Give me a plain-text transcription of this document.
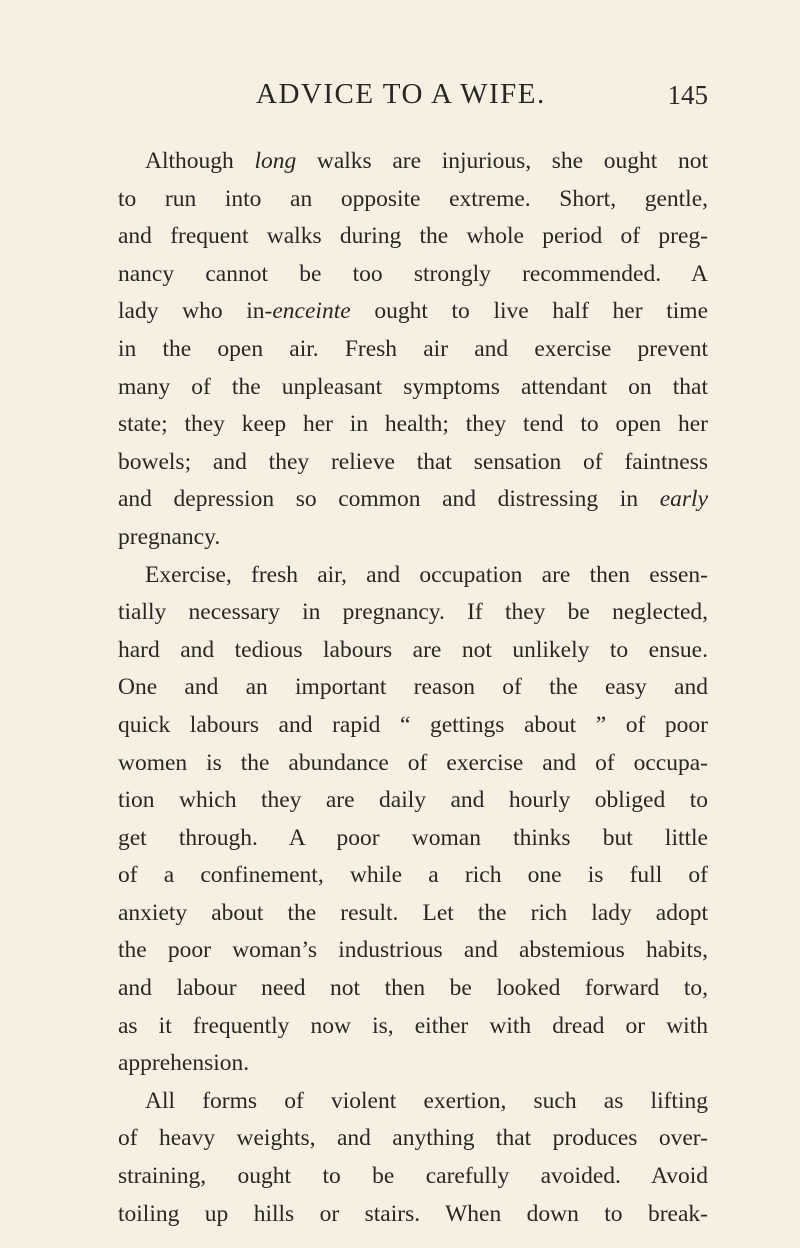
ADVICE TO A WIFE.	145
Although long walks are injurious, she ought not
to run into an opposite extreme. Short, gentle,
and frequent walks during the whole period of preg-
nancy cannot be too strongly recommended. A
lady who in-enceinte ought to live half her time
in the open air. Fresh air and exercise prevent
many of the unpleasant symptoms attendant on that
state; they keep her in health; they tend to open her
bowels; and they relieve that sensation of faintness
and depression so common and distressing in early
pregnancy.
Exercise, fresh air, and occupation are then essen-
tially necessary in pregnancy. If they be neglected,
hard and tedious labours are not unlikely to ensue.
One and an important reason of the easy and
quick labours and rapid “ gettings about ” of poor
women is the abundance of exercise and of occupa-
tion which they are daily and hourly obliged to
get through. A poor woman thinks but little
of a confinement, while a rich one is full of
anxiety about the result. Let the rich lady adopt
the poor woman’s industrious and abstemious habits,
and labour need not then be looked forward to,
as it frequently now is, either with dread or with
apprehension.
All forms of violent exertion, such as lifting
of heavy weights, and anything that produces over-
straining, ought to be carefully avoided. Avoid
toiling up hills or stairs. When down to break-
